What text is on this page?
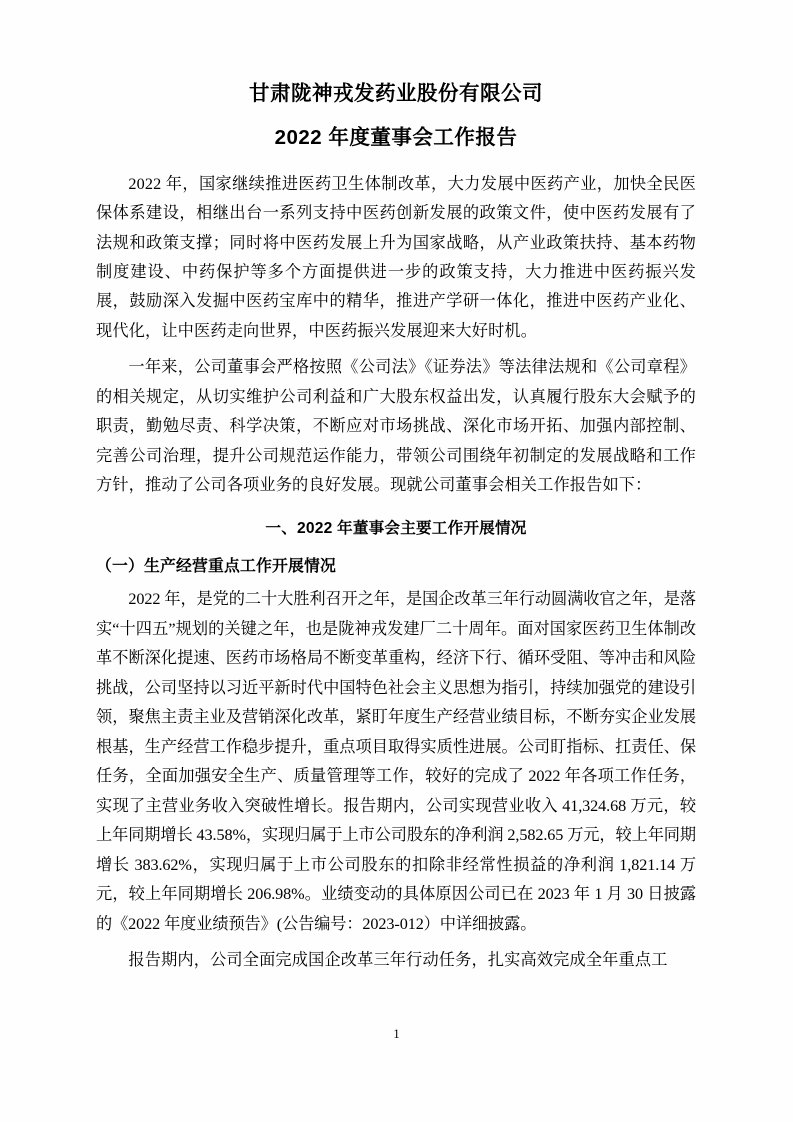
甘肃陇神戎发药业股份有限公司
2022 年度董事会工作报告

2022 年，国家继续推进医药卫生体制改革，大力发展中医药产业，加快全民医保体系建设，相继出台一系列支持中医药创新发展的政策文件，使中医药发展有了法规和政策支撑；同时将中医药发展上升为国家战略，从产业政策扶持、基本药物制度建设、中药保护等多个方面提供进一步的政策支持，大力推进中医药振兴发展，鼓励深入发掘中医药宝库中的精华，推进产学研一体化，推进中医药产业化、现代化，让中医药走向世界，中医药振兴发展迎来大好时机。

一年来，公司董事会严格按照《公司法》《证券法》等法律法规和《公司章程》 的相关规定，从切实维护公司利益和广大股东权益出发，认真履行股东大会赋予的职责，勤勉尽责、科学决策，不断应对市场挑战、深化市场开拓、加强内部控制、完善公司治理，提升公司规范运作能力，带领公司围绕年初制定的发展战略和工作方针，推动了公司各项业务的良好发展。现就公司董事会相关工作报告如下：

一、2022 年董事会主要工作开展情况
（一）生产经营重点工作开展情况

2022 年，是党的二十大胜利召开之年，是国企改革三年行动圆满收官之年，是落实“十四五”规划的关键之年，也是陇神戎发建厂二十周年。面对国家医药卫生体制改革不断深化提速、医药市场格局不断变革重构，经济下行、循环受阻、等冲击和风险挑战，公司坚持以习近平新时代中国特色社会主义思想为指引，持续加强党的建设引领，聚焦主责主业及营销深化改革，紧盯年度生产经营业绩目标，不断夯实企业发展根基，生产经营工作稳步提升，重点项目取得实质性进展。公司盯指标、扛责任、保任务，全面加强安全生产、质量管理等工作，较好的完成了 2022 年各项工作任务，实现了主营业务收入突破性增长。报告期内，公司实现营业收入 41,324.68 万元，较上年同期增长 43.58%，实现归属于上市公司股东的净利润 2,582.65 万元，较上年同期增长 383.62%，实现归属于上市公司股东的扣除非经常性损益的净利润 1,821.14 万元，较上年同期增长 206.98%。业绩变动的具体原因公司已在 2023 年 1 月 30 日披露的《2022 年度业绩预告》(公告编号：2023-012）中详细披露。

报告期内，公司全面完成国企改革三年行动任务，扎实高效完成全年重点工

1
